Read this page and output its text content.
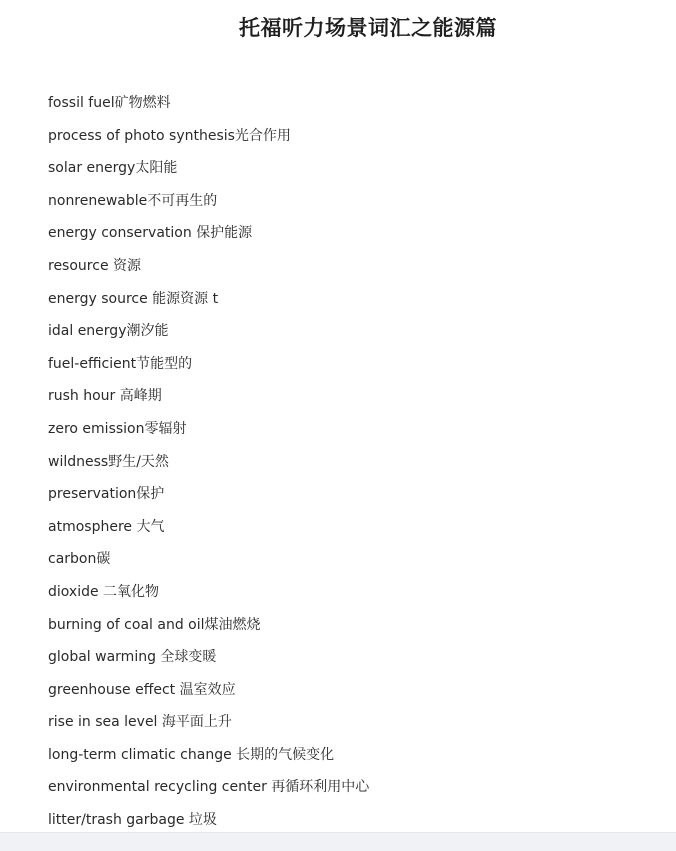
托福听力场景词汇之能源篇
fossil fuel矿物燃料
process of photo synthesis光合作用
solar energy太阳能
nonrenewable不可再生的
energy conservation 保护能源
resource 资源
energy source 能源资源 t
idal energy潮汐能
fuel-efficient节能型的
rush hour 高峰期
zero emission零辐射
wildness野生/天然
preservation保护
atmosphere 大气
carbon碳
dioxide 二氧化物
burning of coal and oil煤油燃烧
global warming 全球变暖
greenhouse effect 温室效应
rise in sea level 海平面上升
long-term climatic change 长期的气候变化
environmental recycling center 再循环利用中心
litter/trash garbage 垃圾
